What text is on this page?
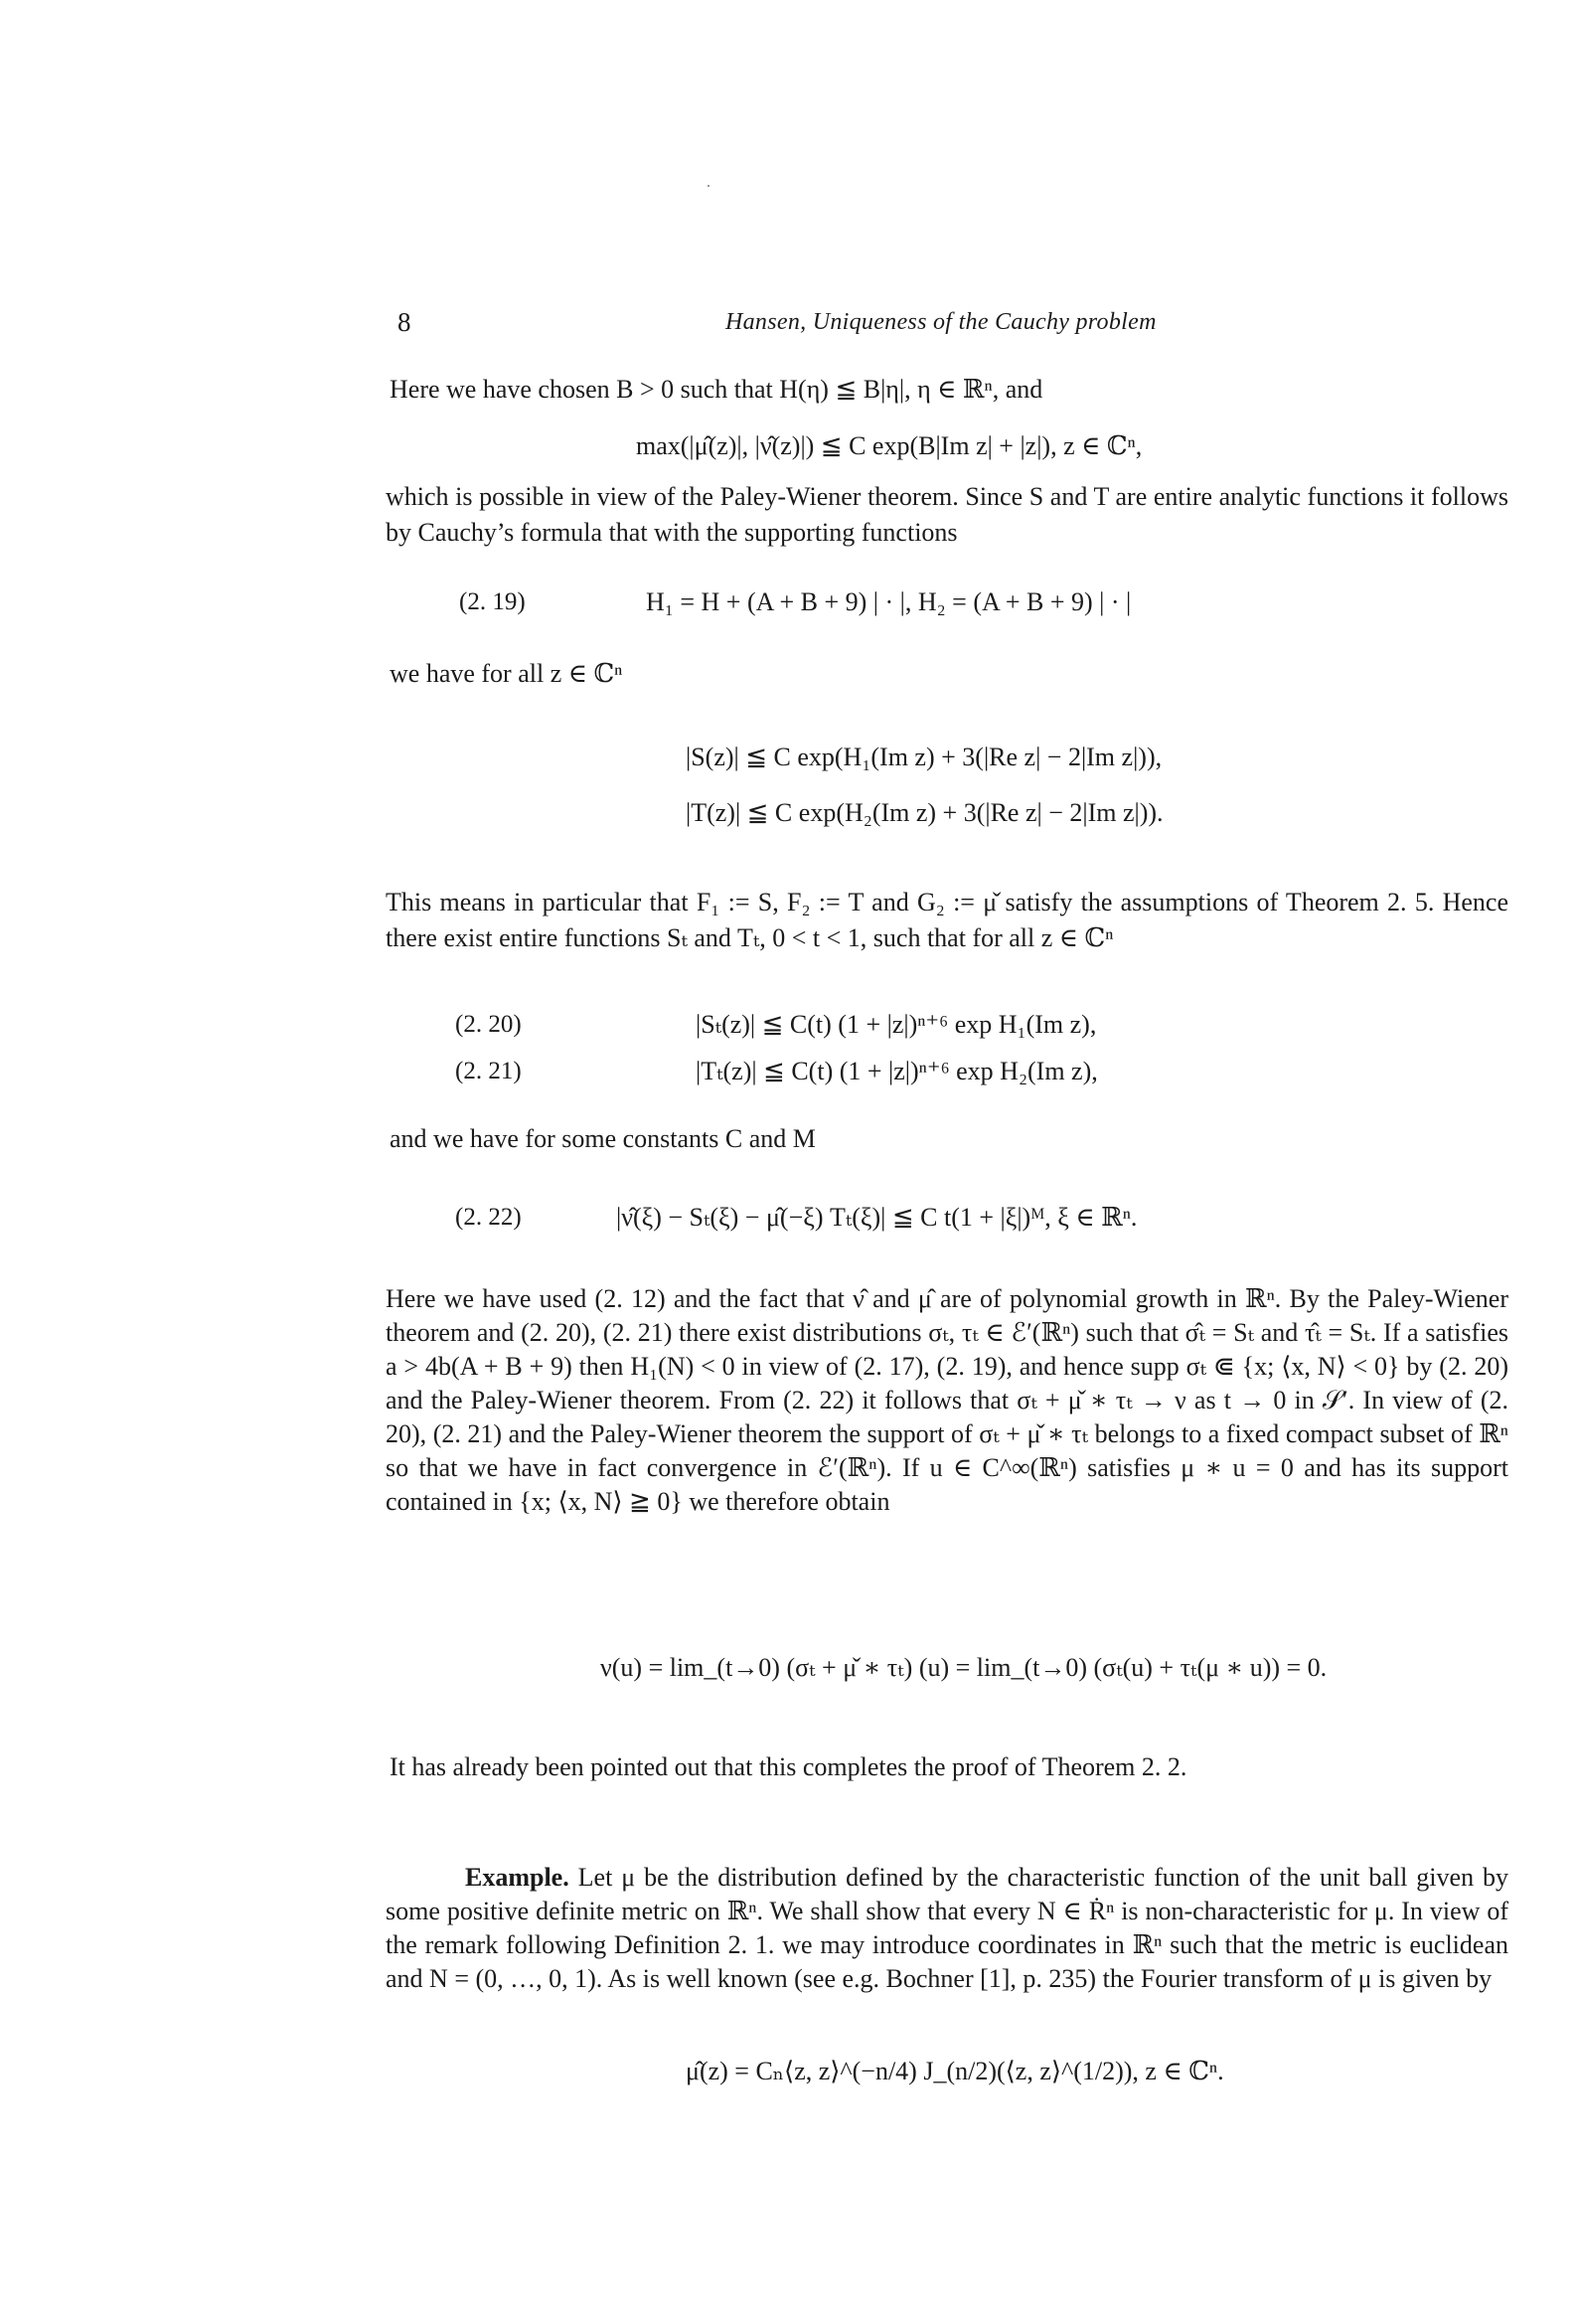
8	Hansen, Uniqueness of the Cauchy problem
Here we have chosen B > 0 such that H(η) ≦ B|η|, η ∈ ℝⁿ, and
max(|μ̂(z)|, |ν̂(z)|) ≦ C exp(B|Im z| + |z|), z ∈ ℂⁿ,
which is possible in view of the Paley-Wiener theorem. Since S and T are entire analytic functions it follows by Cauchy’s formula that with the supporting functions
(2. 19)	H₁ = H + (A + B + 9) | · |, H₂ = (A + B + 9) | · |
we have for all z ∈ ℂⁿ
|S(z)| ≦ C exp(H₁(Im z) + 3(|Re z| − 2|Im z|)),
|T(z)| ≦ C exp(H₂(Im z) + 3(|Re z| − 2|Im z|)).
This means in particular that F₁ := S, F₂ := T and G₂ := μ̌ satisfy the assumptions of Theorem 2. 5. Hence there exist entire functions Sₜ and Tₜ, 0 < t < 1, such that for all z ∈ ℂⁿ
(2. 20)	|Sₜ(z)| ≦ C(t) (1 + |z|)ⁿ⁺⁶ exp H₁(Im z),
(2. 21)	|Tₜ(z)| ≦ C(t) (1 + |z|)ⁿ⁺⁶ exp H₂(Im z),
and we have for some constants C and M
(2. 22)	|ν̂(ξ) − Sₜ(ξ) − μ̂(−ξ) Tₜ(ξ)| ≦ C t(1 + |ξ|)ᴹ, ξ ∈ ℝⁿ.
Here we have used (2. 12) and the fact that ν̂ and μ̂ are of polynomial growth in ℝⁿ. By the Paley-Wiener theorem and (2. 20), (2. 21) there exist distributions σₜ, τₜ ∈ ℰ′(ℝⁿ) such that σ̂ₜ = Sₜ and τ̂ₜ = Sₜ. If a satisfies a > 4b(A + B + 9) then H₁(N) < 0 in view of (2. 17), (2. 19), and hence supp σₜ ⋐ {x; ⟨x, N⟩ < 0} by (2. 20) and the Paley-Wiener theorem. From (2. 22) it follows that σₜ + μ̌ ∗ τₜ → ν as t → 0 in 𝒮′. In view of (2. 20), (2. 21) and the Paley-Wiener theorem the support of σₜ + μ̌ ∗ τₜ belongs to a fixed compact subset of ℝⁿ so that we have in fact convergence in ℰ′(ℝⁿ). If u ∈ C^∞(ℝⁿ) satisfies μ ∗ u = 0 and has its support contained in {x; ⟨x, N⟩ ≧ 0} we therefore obtain
ν(u) = lim_(t→0) (σₜ + μ̌ ∗ τₜ) (u) = lim_(t→0) (σₜ(u) + τₜ(μ ∗ u)) = 0.
It has already been pointed out that this completes the proof of Theorem 2. 2.
Example. Let μ be the distribution defined by the characteristic function of the unit ball given by some positive definite metric on ℝⁿ. We shall show that every N ∈ Ṙⁿ is non-characteristic for μ. In view of the remark following Definition 2. 1. we may introduce coordinates in ℝⁿ such that the metric is euclidean and N = (0, …, 0, 1). As is well known (see e.g. Bochner [1], p. 235) the Fourier transform of μ is given by
μ̂(z) = Cₙ⟨z, z⟩^(−n/4) J_(n/2)(⟨z, z⟩^(1/2)), z ∈ ℂⁿ.
